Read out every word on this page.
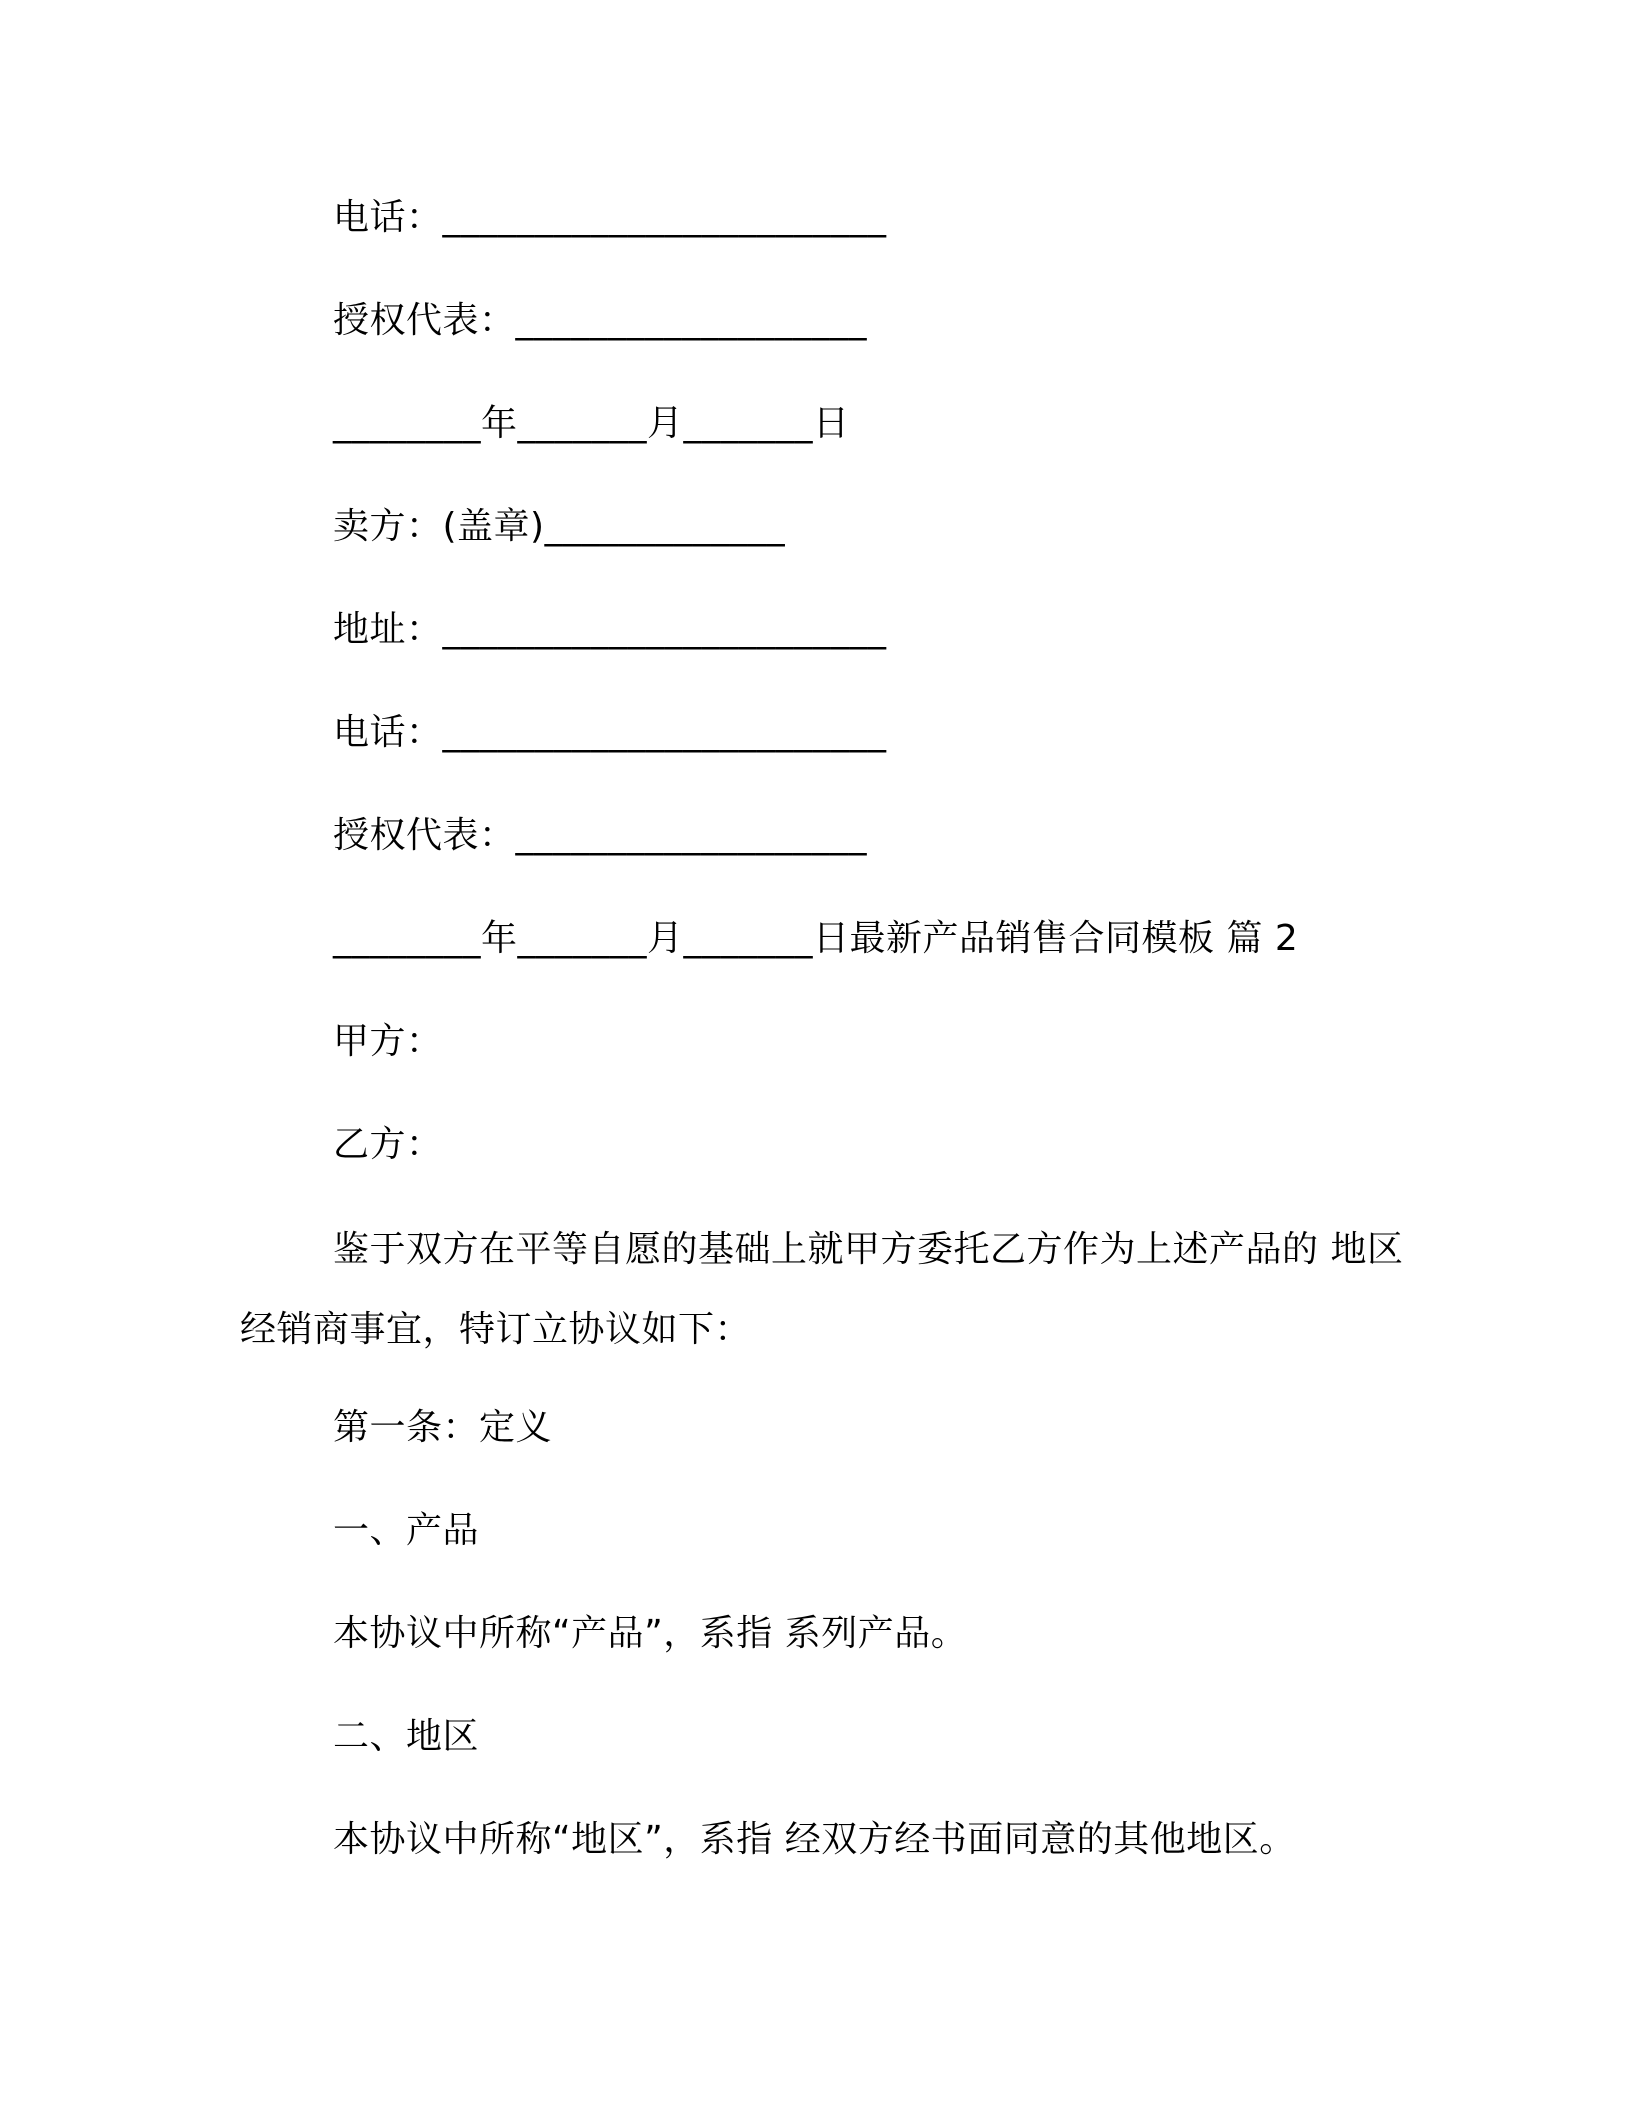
电话：________________________
授权代表：___________________
________年_______月_______日
卖方：(盖章)_____________
地址：________________________
电话：________________________
授权代表：___________________
________年_______月_______日最新产品销售合同模板 篇 2
甲方：
乙方：
鉴于双方在平等自愿的基础上就甲方委托乙方作为上述产品的 地区经销商事宜，特订立协议如下：
第一条：定义
一、产品
本协议中所称“产品”，系指 系列产品。
二、地区
本协议中所称“地区”，系指 经双方经书面同意的其他地区。
